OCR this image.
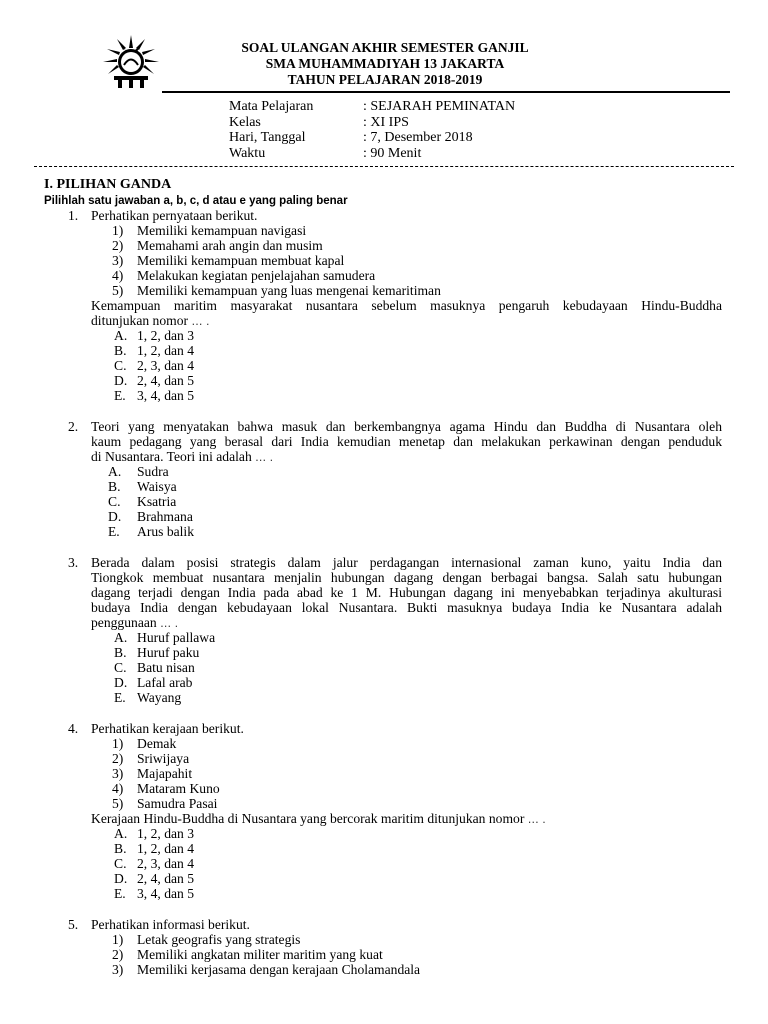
SOAL ULANGAN AKHIR SEMESTER GANJIL
SMA MUHAMMADIYAH 13 JAKARTA
TAHUN PELAJARAN 2018-2019
Mata Pelajaran	: SEJARAH PEMINATAN
Kelas	: XI IPS
Hari, Tanggal	: 7, Desember 2018
Waktu	: 90 Menit
I. PILIHAN GANDA
Pilihlah satu jawaban a, b, c, d atau e yang paling benar
1. Perhatikan pernyataan berikut.
1) Memiliki kemampuan navigasi
2) Memahami arah angin dan musim
3) Memiliki kemampuan membuat kapal
4) Melakukan kegiatan penjelajahan samudera
5) Memiliki kemampuan yang luas mengenai kemaritiman
Kemampuan maritim masyarakat nusantara sebelum masuknya pengaruh kebudayaan Hindu-Buddha
ditunjukan nomor … .
A. 1, 2, dan 3
B. 1, 2, dan 4
C. 2, 3, dan 4
D. 2, 4, dan 5
E. 3, 4, dan 5
2. Teori yang menyatakan bahwa masuk dan berkembangnya agama Hindu dan Buddha di Nusantara oleh
kaum pedagang yang berasal dari India kemudian menetap dan melakukan perkawinan dengan penduduk
di Nusantara. Teori ini adalah … .
A. Sudra
B. Waisya
C. Ksatria
D. Brahmana
E. Arus balik
3. Berada dalam posisi strategis dalam jalur perdagangan internasional zaman kuno, yaitu India dan
Tiongkok membuat nusantara menjalin hubungan dagang dengan berbagai bangsa. Salah satu hubungan
dagang terjadi dengan India pada abad ke 1 M. Hubungan dagang ini menyebabkan terjadinya akulturasi
budaya India dengan kebudayaan lokal Nusantara. Bukti masuknya budaya India ke Nusantara adalah
penggunaan … .
A. Huruf pallawa
B. Huruf paku
C. Batu nisan
D. Lafal arab
E. Wayang
4. Perhatikan kerajaan berikut.
1) Demak
2) Sriwijaya
3) Majapahit
4) Mataram Kuno
5) Samudra Pasai
Kerajaan Hindu-Buddha di Nusantara yang bercorak maritim ditunjukan nomor … .
A. 1, 2, dan 3
B. 1, 2, dan 4
C. 2, 3, dan 4
D. 2, 4, dan 5
E. 3, 4, dan 5
5. Perhatikan informasi berikut.
1) Letak geografis yang strategis
2) Memiliki angkatan militer maritim yang kuat
3) Memiliki kerjasama dengan kerajaan Cholamandala
